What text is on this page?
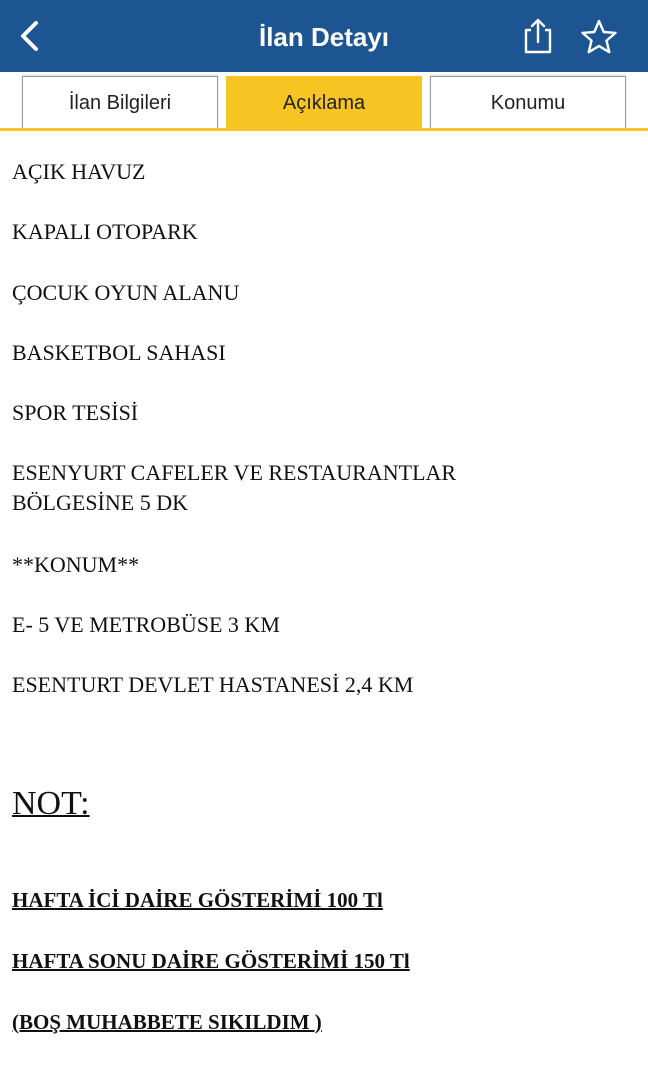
İlan Detayı
İlan Bilgileri	Açıklama	Konumu
AÇIK HAVUZ
KAPALI OTOPARK
ÇOCUK OYUN ALANU
BASKETBOL SAHASI
SPOR TESİSİ
ESENYURT CAFELER VE RESTAURANTLAR
BÖLGESİNE 5 DK
**KONUM**
E- 5 VE METROBÜSE 3 KM
ESENTURT DEVLET HASTANESİ 2,4 KM
NOT:
HAFTA İCİ DAİRE GÖSTERİMİ 100 Tl
HAFTA SONU DAİRE GÖSTERİMİ 150 Tl
(BOŞ MUHABBETE SIKILDIM )
